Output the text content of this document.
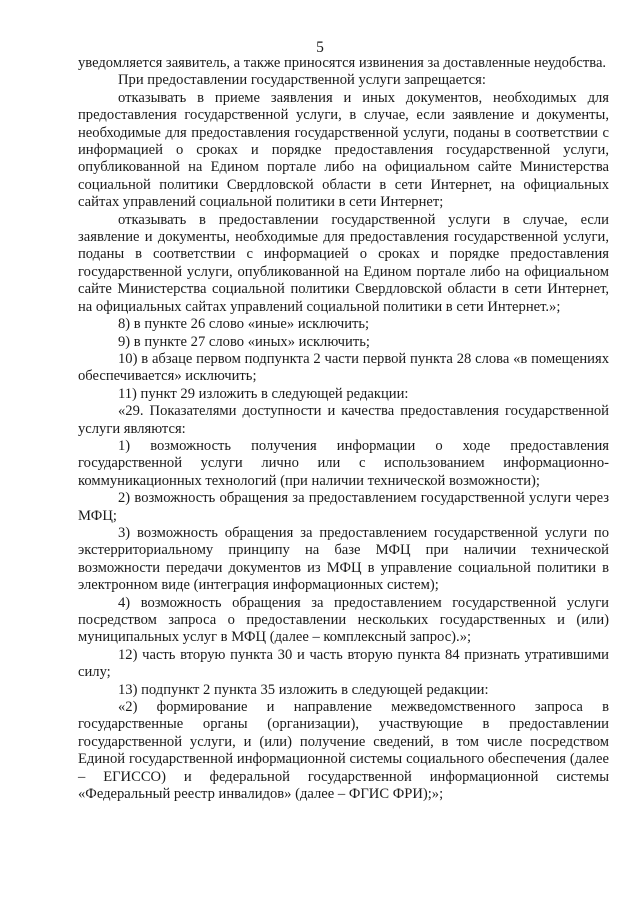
5

уведомляется заявитель, а также приносятся извинения за доставленные неудобства.

При предоставлении государственной услуги запрещается:

отказывать в приеме заявления и иных документов, необходимых для предоставления государственной услуги, в случае, если заявление и документы, необходимые для предоставления государственной услуги, поданы в соответствии с информацией о сроках и порядке предоставления государственной услуги, опубликованной на Едином портале либо на официальном сайте Министерства социальной политики Свердловской области в сети Интернет, на официальных сайтах управлений социальной политики в сети Интернет;

отказывать в предоставлении государственной услуги в случае, если заявление и документы, необходимые для предоставления государственной услуги, поданы в соответствии с информацией о сроках и порядке предоставления государственной услуги, опубликованной на Едином портале либо на официальном сайте Министерства социальной политики Свердловской области в сети Интернет, на официальных сайтах управлений социальной политики в сети Интернет.»;

8) в пункте 26 слово «иные» исключить;

9) в пункте 27 слово «иных» исключить;

10) в абзаце первом подпункта 2 части первой пункта 28 слова «в помещениях обеспечивается» исключить;

11) пункт 29 изложить в следующей редакции:

«29. Показателями доступности и качества предоставления государственной услуги являются:

1) возможность получения информации о ходе предоставления государственной услуги лично или с использованием информационно-коммуникационных технологий (при наличии технической возможности);

2) возможность обращения за предоставлением государственной услуги через МФЦ;

3) возможность обращения за предоставлением государственной услуги по экстерриториальному принципу на базе МФЦ при наличии технической возможности передачи документов из МФЦ в управление социальной политики в электронном виде (интеграция информационных систем);

4) возможность обращения за предоставлением государственной услуги посредством запроса о предоставлении нескольких государственных и (или) муниципальных услуг в МФЦ (далее – комплексный запрос).»;

12) часть вторую пункта 30 и часть вторую пункта 84 признать утратившими силу;

13) подпункт 2 пункта 35 изложить в следующей редакции:

«2) формирование и направление межведомственного запроса в государственные органы (организации), участвующие в предоставлении государственной услуги, и (или) получение сведений, в том числе посредством Единой государственной информационной системы социального обеспечения (далее – ЕГИССО) и федеральной государственной информационной системы «Федеральный реестр инвалидов» (далее – ФГИС ФРИ);»;
